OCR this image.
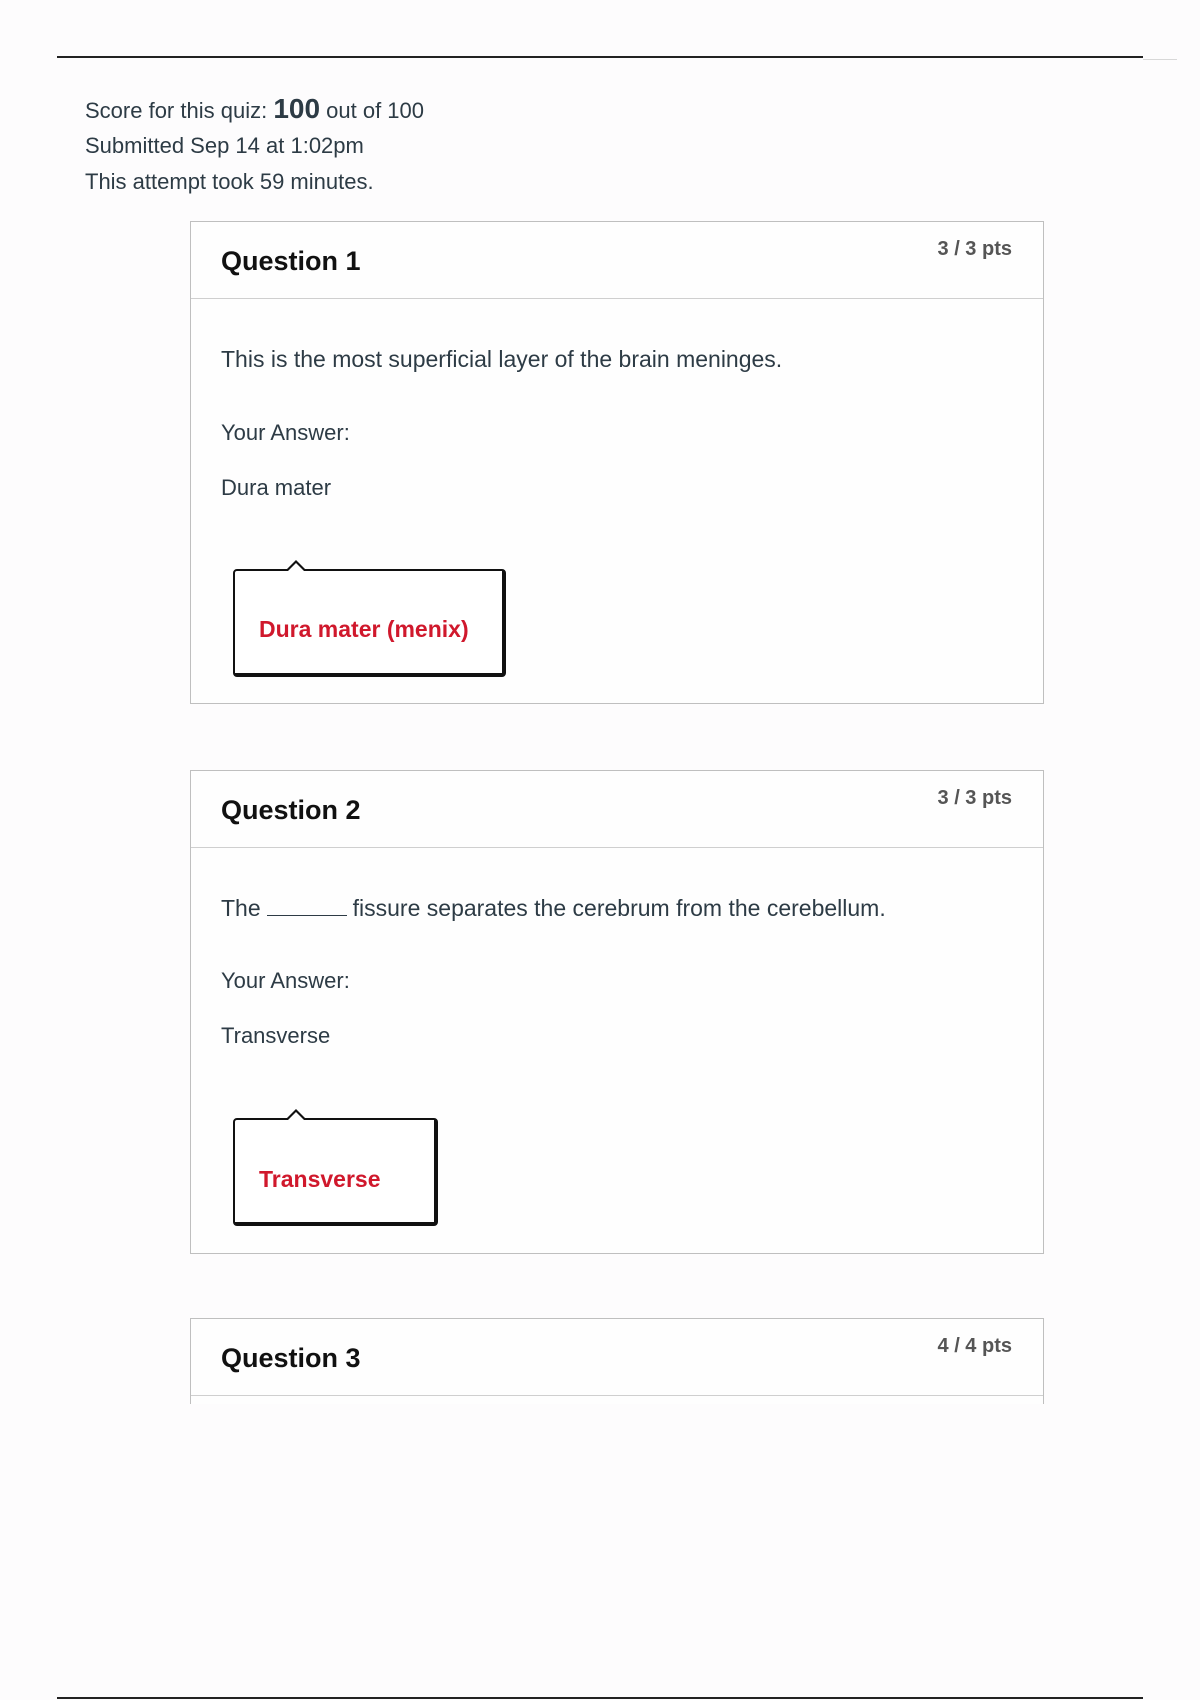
Score for this quiz: 100 out of 100
Submitted Sep 14 at 1:02pm
This attempt took 59 minutes.
Question 1	3 / 3 pts
This is the most superficial layer of the brain meninges.
Your Answer:
Dura mater
Dura mater (menix)
Question 2	3 / 3 pts
The	fissure separates the cerebrum from the cerebellum.
Your Answer:
Transverse
Transverse
Question 3	4 / 4 pts
